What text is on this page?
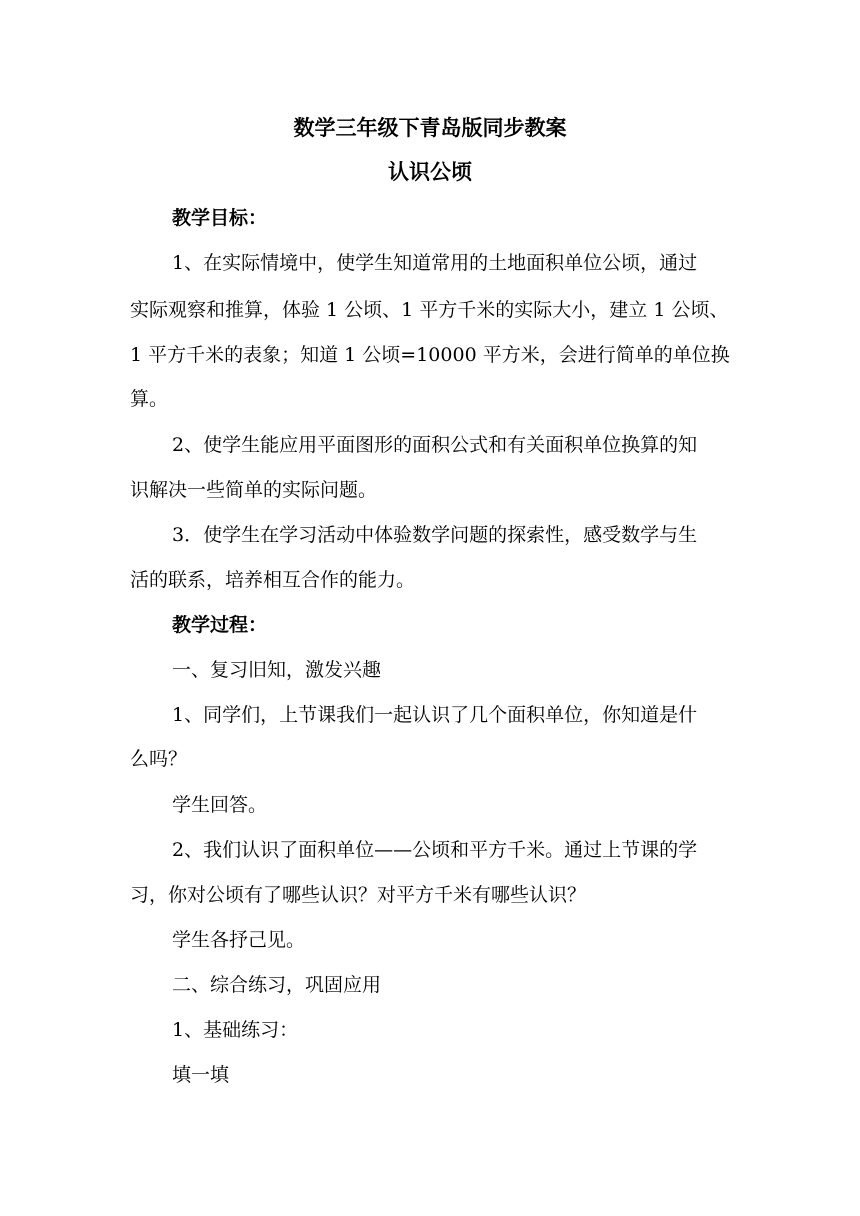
数学三年级下青岛版同步教案
认识公顷
教学目标：
1、在实际情境中，使学生知道常用的土地面积单位公顷，通过
实际观察和推算，体验 1 公顷、1 平方千米的实际大小，建立 1 公顷、
1 平方千米的表象；知道 1 公顷=10000 平方米，会进行简单的单位换
算。
2、使学生能应用平面图形的面积公式和有关面积单位换算的知
识解决一些简单的实际问题。
3．使学生在学习活动中体验数学问题的探索性，感受数学与生
活的联系，培养相互合作的能力。
教学过程：
一、复习旧知，激发兴趣
1、同学们，上节课我们一起认识了几个面积单位，你知道是什
么吗？
学生回答。
2、我们认识了面积单位——公顷和平方千米。通过上节课的学
习，你对公顷有了哪些认识？对平方千米有哪些认识？
学生各抒己见。
二、综合练习，巩固应用
1、基础练习：
填一填
